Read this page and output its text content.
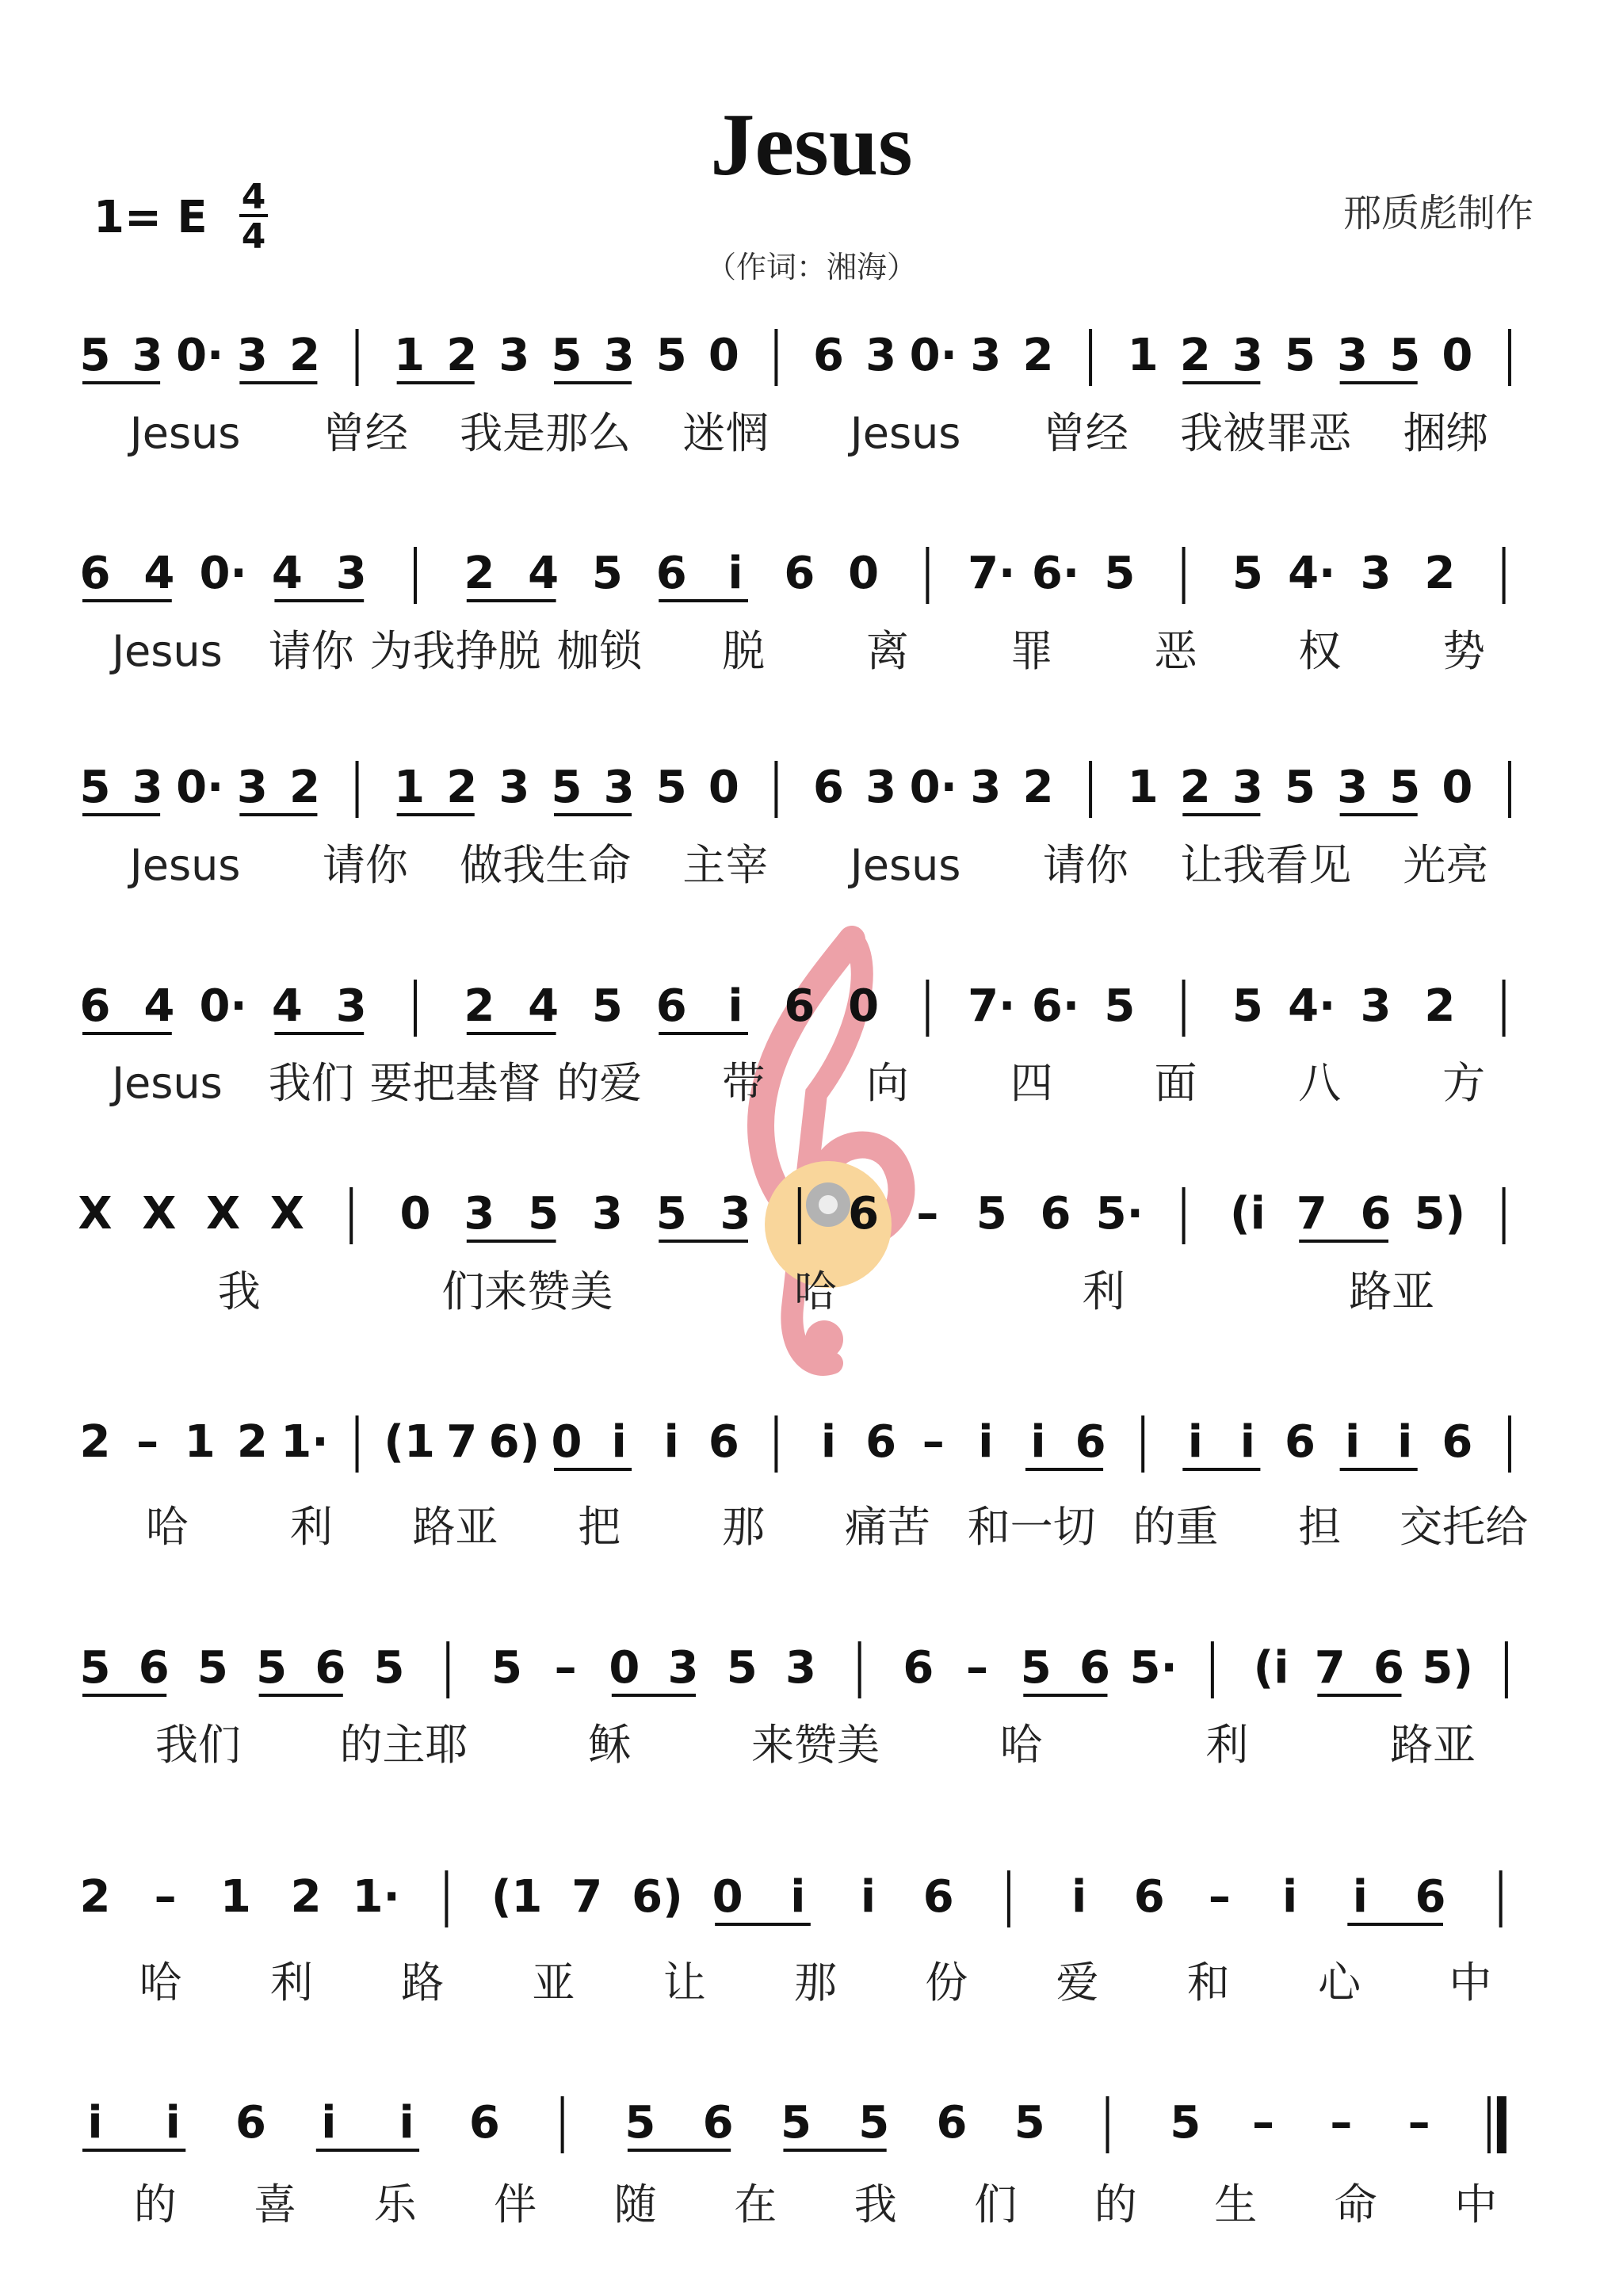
Jesus
1= E 4
4
邢质彪制作
（作词：湘海）
5 3 0· 3 2 1 2 3 5 3 5 0 6 3 0· 3 2 1 2 3 5 3 5 0
Jesus 曾经 我是那么 迷惘 Jesus 曾经 我被罪恶 捆绑
6 4 0· 4 3 2 4 5 6 i 6 0 7· 6· 5 5 4· 3 2
Jesus 请你 为我挣脱 枷锁 脱 离 罪 恶 权 势
5 3 0· 3 2 1 2 3 5 3 5 0 6 3 0· 3 2 1 2 3 5 3 5 0
Jesus 请你 做我生命 主宰 Jesus 请你 让我看见 光亮
6 4 0· 4 3 2 4 5 6 i 6 0 7· 6· 5 5 4· 3 2
Jesus 我们 要把基督 的爱 带 向 四 面 八 方
X X X X 0 3 5 3 5 3 6 – 5 6 5· (i 7 6 5)
我	们来赞美	哈	利	路亚
2 – 1 2 1· (1 7 6) 0 i i 6 i 6 – i i 6 i i 6 i i 6
哈 利 路亚 把 那 痛苦 和一切 的重 担 交托给
5 6 5 5 6 5 5 – 0 3 5 3 6 – 5 6 5· (i 7 6 5)
我们 的主耶	稣	来赞美	哈	利	路亚
2 – 1 2 1· (1 7 6) 0 i i 6	i 6 – i i 6
哈 利 路 亚 让 那 份 爱 和 心 中
i i 6 i i 6	5 6 5 5 6 5	5 – – –
的 喜 乐 伴 随 在 我 们 的 生 命 中
